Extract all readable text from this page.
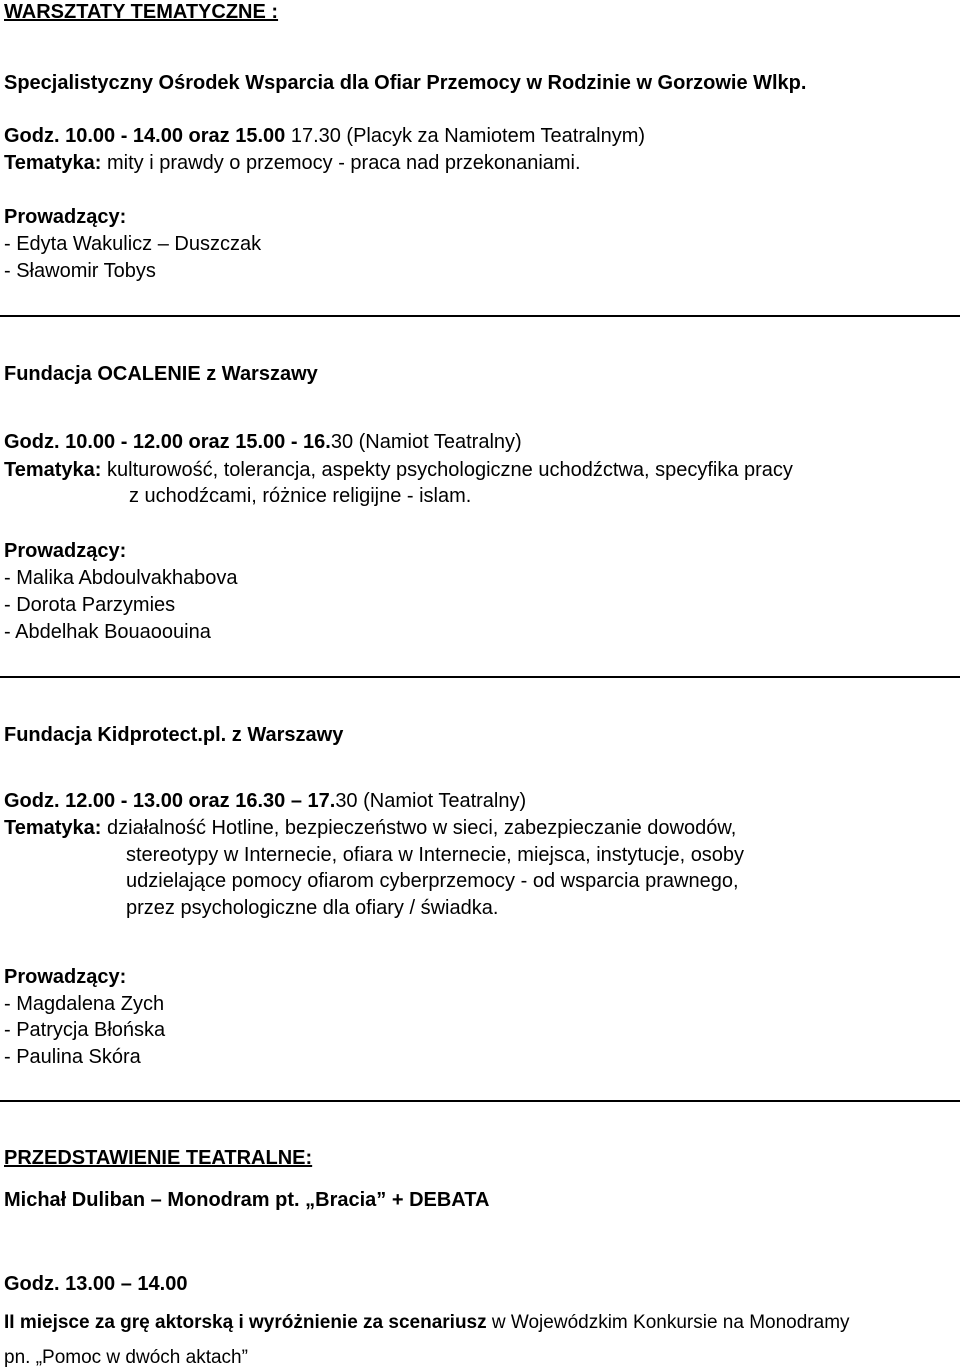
WARSZTATY TEMATYCZNE :

Specjalistyczny Ośrodek Wsparcia dla Ofiar Przemocy w Rodzinie w Gorzowie Wlkp.

Godz. 10.00 - 14.00 oraz 15.00 17.30 (Placyk za Namiotem Teatralnym)

Tematyka: mity i prawdy o przemocy - praca nad przekonaniami.

Prowadzący:

- Edyta Wakulicz – Duszczak

- Sławomir Tobys

Fundacja OCALENIE z Warszawy

Godz. 10.00 - 12.00 oraz 15.00 - 16.30 (Namiot Teatralny)

Tematyka: kulturowość, tolerancja, aspekty psychologiczne uchodźctwa, specyfika pracy

z uchodźcami, różnice religijne - islam.

Prowadzący:

- Malika Abdoulvakhabova

- Dorota Parzymies

- Abdelhak Bouaoouina

Fundacja Kidprotect.pl. z Warszawy

Godz. 12.00 - 13.00 oraz 16.30 – 17.30 (Namiot Teatralny)

Tematyka: działalność Hotline, bezpieczeństwo w sieci, zabezpieczanie dowodów,

stereotypy w Internecie, ofiara w Internecie, miejsca, instytucje, osoby

udzielające pomocy ofiarom cyberprzemocy - od wsparcia prawnego,

przez psychologiczne dla ofiary / świadka.

Prowadzący:

- Magdalena Zych

- Patrycja Błońska

- Paulina Skóra

PRZEDSTAWIENIE TEATRALNE:

Michał Duliban – Monodram pt. „Bracia” + DEBATA

Godz. 13.00 – 14.00

II miejsce za grę aktorską i wyróżnienie za scenariusz w Wojewódzkim Konkursie na Monodramy

pn. „Pomoc w dwóch aktach”
